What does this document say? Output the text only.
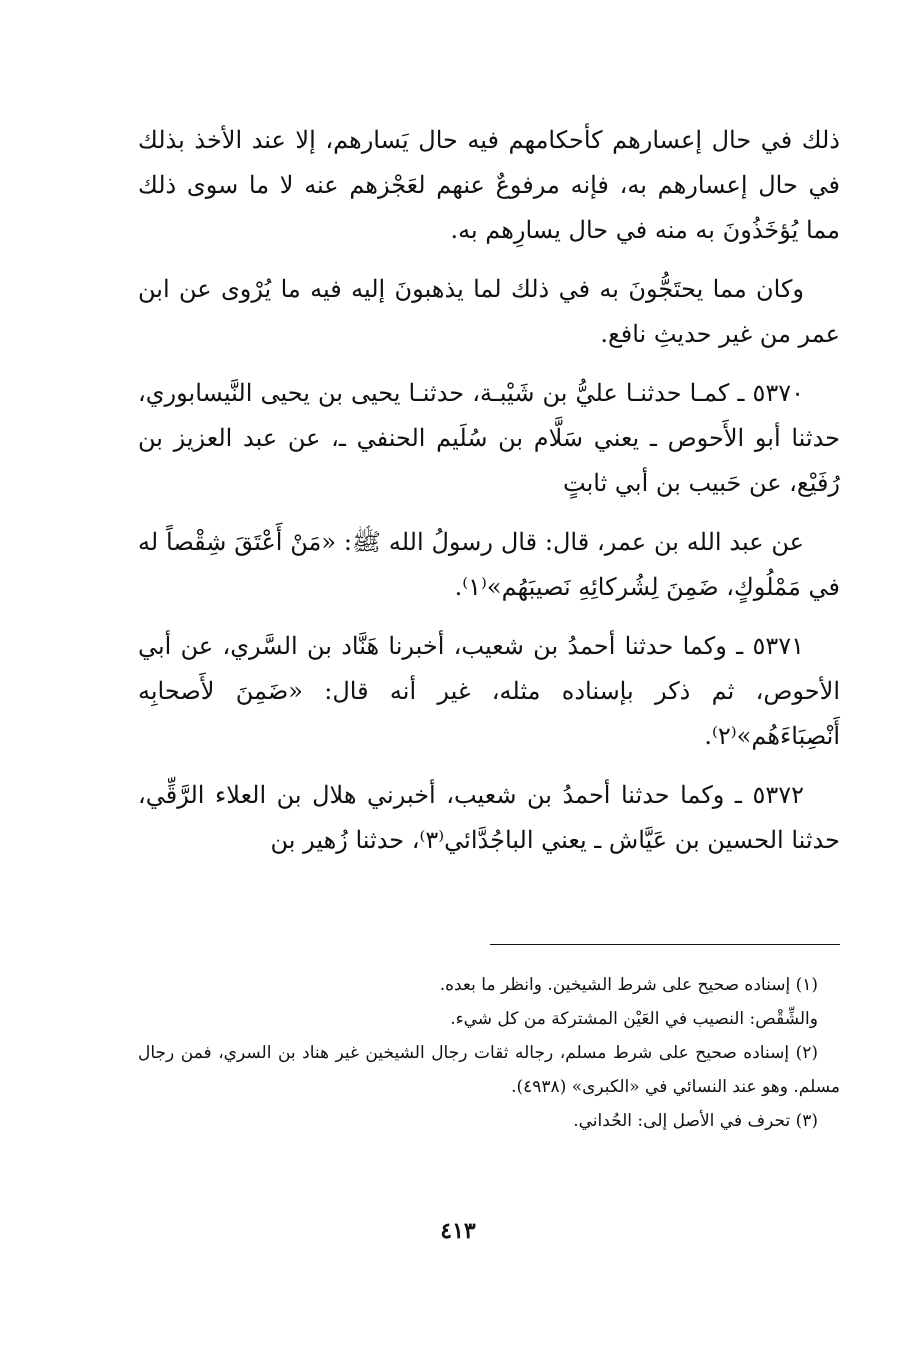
ذلك في حال إعسارهم كأحكامهم فيه حال يَسارهم، إلا عند الأخذ بذلك في حال إعسارهم به، فإنه مرفوعٌ عنهم لعَجْزهم عنه لا ما سوى ذلك مما يُؤخَذُونَ به منه في حال يسارِهم به.

وكان مما يحتَجُّونَ به في ذلك لما يذهبونَ إليه فيه ما يُرْوى عن ابن عمر من غير حديثِ نافع.

٥٣٧٠ ـ كمـا حدثنـا عليُّ بن شَيْبـة، حدثنـا يحيى بن يحيى النَّيسابوري، حدثنا أبو الأَحوص ـ يعني سَلَّام بن سُلَيم الحنفي ـ، عن عبد العزيز بن رُفَيْع، عن حَبيب بن أبي ثابتٍ

عن عبد الله بن عمر، قال: قال رسولُ الله ﷺ: «مَنْ أَعْتَقَ شِقْصاً له في مَمْلُوكٍ، ضَمِنَ لِشُركائِهِ نَصيبَهُم»⁽١⁾.

٥٣٧١ ـ وكما حدثنا أحمدُ بن شعيب، أخبرنا هَنَّاد بن السَّري، عن أبي الأحوص، ثم ذكر بإسناده مثله، غير أنه قال: «ضَمِنَ لأَصحابِه أَنْصِبَاءَهُم»⁽٢⁾.

٥٣٧٢ ـ وكما حدثنا أحمدُ بن شعيب، أخبرني هلال بن العلاء الرَّقِّي، حدثنا الحسين بن عَيَّاش ـ يعني الباجُدَّائي⁽٣⁾، حدثنا زُهير بن

(١) إسناده صحيح على شرط الشيخين. وانظر ما بعده.

والشِّقْص: النصيب في العَيْن المشتركة من كل شيء.

(٢) إسناده صحيح على شرط مسلم، رجاله ثقات رجال الشيخين غير هناد بن السري، فمن رجال مسلم. وهو عند النسائي في «الكبرى» (٤٩٣٨).

(٣) تحرف في الأصل إلى: الحُداني.

٤١٣
